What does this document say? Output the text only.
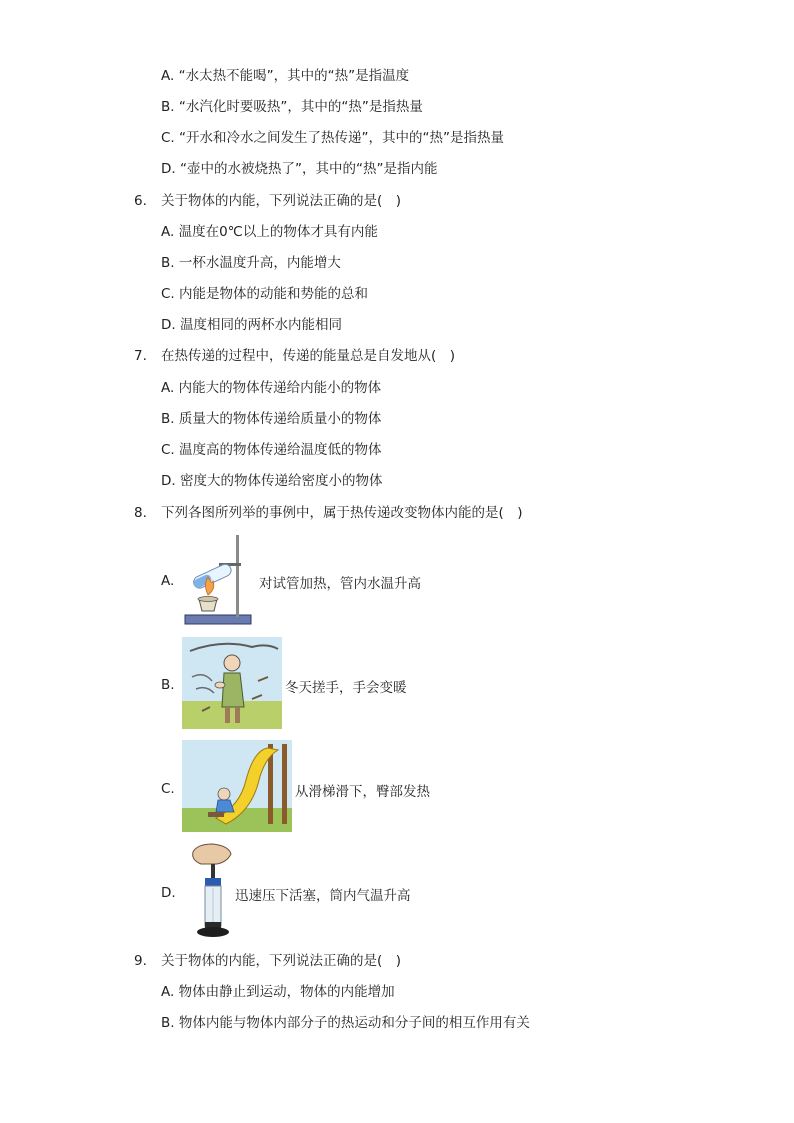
A. “水太热不能喝”，其中的“热”是指温度
B. “水汽化时要吸热”，其中的“热”是指热量
C. “开水和冷水之间发生了热传递”，其中的“热”是指热量
D. “壶中的水被烧热了”，其中的“热”是指内能
6. 关于物体的内能，下列说法正确的是(　)
A. 温度在0℃以上的物体才具有内能
B. 一杯水温度升高，内能增大
C. 内能是物体的动能和势能的总和
D. 温度相同的两杯水内能相同
7. 在热传递的过程中，传递的能量总是自发地从(　)
A. 内能大的物体传递给内能小的物体
B. 质量大的物体传递给质量小的物体
C. 温度高的物体传递给温度低的物体
D. 密度大的物体传递给密度小的物体
8. 下列各图所列举的事例中，属于热传递改变物体内能的是(　)
A.	对试管加热，管内水温升高
B.	冬天搓手，手会变暖
C.	从滑梯滑下，臀部发热
D.	迅速压下活塞，筒内气温升高
9. 关于物体的内能，下列说法正确的是(　)
A. 物体由静止到运动，物体的内能增加
B. 物体内能与物体内部分子的热运动和分子间的相互作用有关
